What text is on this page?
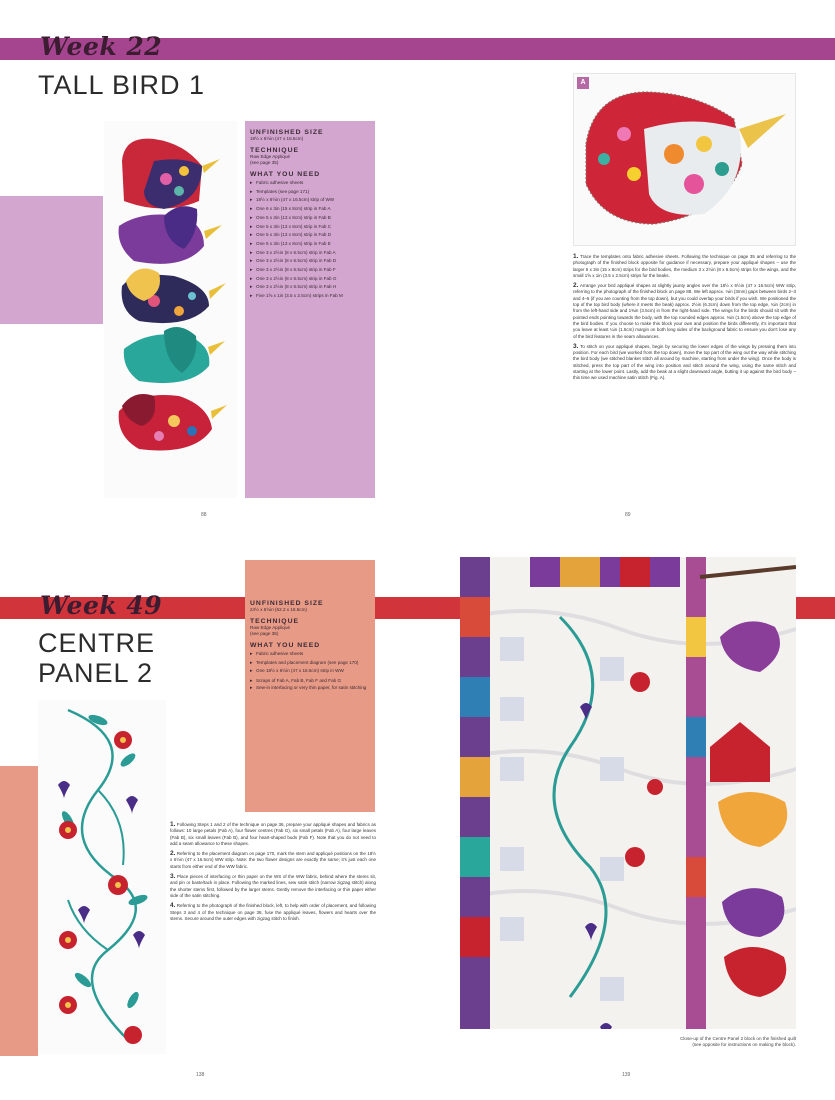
Week 22
TALL BIRD 1
UNFINISHED SIZE
18½ x 6½in (47 x 16.5cm)
TECHNIQUE
Raw Edge Appliqué
(see page 35)
WHAT YOU NEED
▸ Fabric adhesive sheets
▸ Templates (see page 171)
▸ 18½ x 6½in (47 x 16.5cm) strip of WW
▸ One 6 x 3in (15 x 8cm) strip in Fab A
▸ One 5 x 3in (13 x 8cm) strip in Fab B
▸ One 5 x 3in (13 x 8cm) strip in Fab C
▸ One 5 x 3in (13 x 8cm) strip in Fab D
▸ One 5 x 3in (13 x 8cm) strip in Fab E
▸ One 3 x 2½in (8 x 6.5cm) strip in Fab A
▸ One 3 x 2½in (8 x 6.5cm) strip in Fab D
▸ One 3 x 2½in (8 x 6.5cm) strip in Fab F
▸ One 3 x 2½in (8 x 6.5cm) strip in Fab G
▸ One 3 x 2½in (8 x 6.5cm) strip in Fab H
▸ Five 1⅝ x 1in (3.5 x 2.5cm) strips in Fab M
88
A

1. Trace the templates onto fabric adhesive sheets. Following the technique on page 35 and referring to the photograph of the finished block opposite for guidance if necessary, prepare your appliqué shapes – use the larger 6 x 3in (15 x 8cm) strips for the bird bodies, the medium 3 x 2½in (8 x 6.5cm) strips for the wings, and the small 1⅝ x 1in (3.5 x 2.5cm) strips for the beaks.

2. Arrange your bird appliqué shapes at slightly jaunty angles over the 18½ x 6½in (47 x 16.5cm) WW strip, referring to the photograph of the finished block on page 88. We left approx. ⅛in (3mm) gaps between birds 2–3 and 4–5 (if you are counting from the top down), but you could overlap your birds if you wish. We positioned the top of the top bird body (where it meets the beak) approx. 2½in (6.3cm) down from the top edge, ¾in (2cm) in from the left-hand side and 1⅜in (3.5cm) in from the right-hand side. The wings for the birds should sit with the pointed ends pointing towards the body, with the top rounded edges approx. ⅜in (1.5cm) above the top edge of the bird bodies. If you choose to make this block your own and position the birds differently, it's important that you leave at least ¼in (1.5cm) margin on both long sides of the background fabric to ensure you don't lose any of the bird features in the seam allowances.

3. To stitch on your appliqué shapes, begin by securing the lower edges of the wings by pressing them into position. For each bird (we worked from the top down), move the top part of the wing out the way while stitching the bird body (we stitched blanket stitch all around by machine, starting from under the wing). Once the body is stitched, press the top part of the wing into position and stitch around the wing, using the same stitch and starting at the lower point. Lastly, add the beak at a slight downward angle, butting it up against the bird body – this time we used machine satin stitch (Fig. A).

89
Week 49
CENTRE
PANEL 2
UNFINISHED SIZE
24½ x 6½in (62.2 x 16.5cm)
TECHNIQUE
Raw Edge Appliqué
(see page 35)
WHAT YOU NEED
▸ Fabric adhesive sheets
▸ Templates and placement diagram (see page 170)
▸ One 18½ x 6½in (47 x 16.5cm) strip in WW
▸ Scraps of Fab A, Fab B, Fab F and Fab G
▸ Sew-in interfacing or very thin paper, for satin stitching

1. Following Steps 1 and 2 of the technique on page 36, prepare your appliqué shapes and fabrics as follows: 10 large petals (Fab A), four flower centres (Fab G), six small petals (Fab A), four large leaves (Fab B), six small leaves (Fab B), and four heart-shaped buds (Fab F). Note that you do not need to add a seam allowance to these shapes.

2. Referring to the placement diagram on page 170, mark the stem and appliqué positions on the 18½ x 6½in (47 x 16.5cm) WW strip. Note: the two flower designs are exactly the same; it's just each one starts from either end of the WW fabric.

3. Place pieces of interfacing or thin paper on the WS of the WW fabric, behind where the stems sit, and pin or baste/tack in place. Following the marked lines, sew satin stitch (narrow zigzag stitch) along the shorter stems first, followed by the larger stems. Gently remove the interfacing or thin paper either side of the satin stitching.

4. Referring to the photograph of the finished block, left, to help with order of placement, and following Steps 3 and 4 of the technique on page 38, fuse the appliqué leaves, flowers and hearts over the stems. Secure around the outer edges with zigzag stitch to finish.

138
Close-up of the Centre Panel 2 block on the finished quilt
(see opposite for instructions on making the block).
139
